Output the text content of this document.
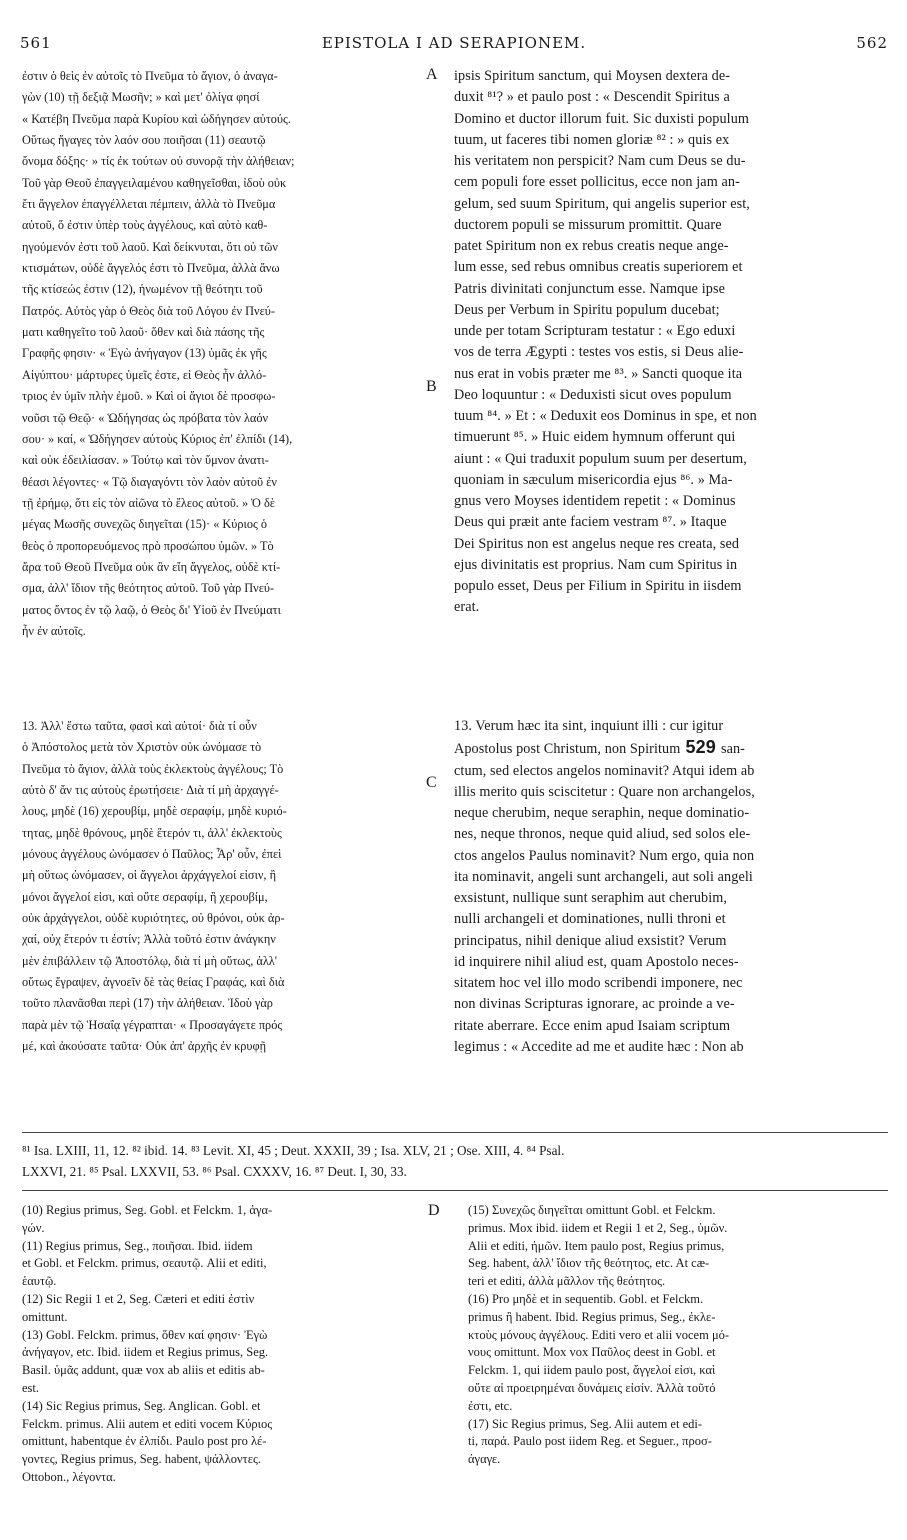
561	EPISTOLA I AD SERAPIONEM.	562
ἐστιν ὁ θεὶς ἐν αὐτοῖς τὸ Πνεῦμα τὸ ἅγιον, ὁ ἀναγα-
γὼν (10) τῇ δεξιᾷ Μωσῆν; » καὶ μετ' ὀλίγα φησί
« Κατέβη Πνεῦμα παρὰ Κυρίου καὶ ὡδήγησεν αὐτούς.
Οὕτως ἤγαγες τὸν λαόν σου ποιῆσαι (11) σεαυτῷ
ὄνομα δόξης· » τίς ἐκ τούτων οὐ συνορᾷ τὴν ἀλήθειαν;
Τοῦ γὰρ Θεοῦ ἐπαγγειλαμένου καθηγεῖσθαι, ἰδοὺ οὐκ
ἔτι ἄγγελον ἐπαγγέλλεται πέμπειν, ἀλλὰ τὸ Πνεῦμα
αὐτοῦ, ὅ ἐστιν ὑπὲρ τοὺς ἀγγέλους, καὶ αὐτὸ καθ-
ηγούμενόν ἐστι τοῦ λαοῦ. Καὶ δείκνυται, ὅτι οὐ τῶν
κτισμάτων, οὐδὲ ἄγγελός ἐστι τὸ Πνεῦμα, ἀλλὰ ἄνω
τῆς κτίσεώς ἐστιν (12), ἡνωμένον τῇ θεότητι τοῦ
Πατρός. Αὐτὸς γὰρ ὁ Θεὸς διὰ τοῦ Λόγου ἐν Πνεύ-
ματι καθηγεῖτο τοῦ λαοῦ· ὅθεν καὶ διὰ πάσης τῆς
Γραφῆς φησιν· « Ἐγὼ ἀνήγαγον (13) ὑμᾶς ἐκ γῆς
Αἰγύπτου· μάρτυρες ὑμεῖς ἐστε, εἰ Θεὸς ἦν ἀλλό-
τριος ἐν ὑμῖν πλὴν ἐμοῦ. » Καὶ οἱ ἅγιοι δὲ προσφω-
νοῦσι τῷ Θεῷ· « Ὡδήγησας ὡς πρόβατα τὸν λαόν
σου· » καί, « Ὡδήγησεν αὐτοὺς Κύριος ἐπ' ἐλπίδι (14),
καὶ οὐκ ἐδειλίασαν. » Τούτῳ καὶ τὸν ὕμνον ἀνατι-
θέασι λέγοντες· « Τῷ διαγαγόντι τὸν λαὸν αὐτοῦ ἐν
τῇ ἐρήμῳ, ὅτι εἰς τὸν αἰῶνα τὸ ἔλεος αὐτοῦ. » Ὁ δὲ
μέγας Μωσῆς συνεχῶς διηγεῖται (15)· « Κύριος ὁ
θεὸς ὁ προπορευόμενος πρὸ προσώπου ὑμῶν. » Τὸ
ἄρα τοῦ Θεοῦ Πνεῦμα οὐκ ἂν εἴη ἄγγελος, οὐδὲ κτί-
σμα, ἀλλ' ἴδιον τῆς θεότητος αὐτοῦ. Τοῦ γὰρ Πνεύ-
ματος ὄντος ἐν τῷ λαῷ, ὁ Θεὸς δι' Υἱοῦ ἐν Πνεύματι
ἦν ἐν αὐτοῖς.
ipsis Spiritum sanctum, qui Moysen dextera de-
duxit ⁸¹? » et paulo post : « Descendit Spiritus a
Domino et ductor illorum fuit. Sic duxisti populum
tuum, ut faceres tibi nomen gloriæ ⁸² : » quis ex
his veritatem non perspicit? Nam cum Deus se du-
cem populi fore esset pollicitus, ecce non jam an-
gelum, sed suum Spiritum, qui angelis superior est,
ductorem populi se missurum promittit. Quare
patet Spiritum non ex rebus creatis neque ange-
lum esse, sed rebus omnibus creatis superiorem et
Patris divinitati conjunctum esse. Namque ipse
Deus per Verbum in Spiritu populum ducebat;
unde per totam Scripturam testatur : « Ego eduxi
vos de terra Ægypti : testes vos estis, si Deus alie-
nus erat in vobis præter me ⁸³. » Sancti quoque ita
Deo loquuntur : « Deduxisti sicut oves populum
tuum ⁸⁴. » Et : « Deduxit eos Dominus in spe, et non
timuerunt ⁸⁵. » Huic eidem hymnum offerunt qui
aiunt : « Qui traduxit populum suum per desertum,
quoniam in sæculum misericordia ejus ⁸⁶. » Ma-
gnus vero Moyses identidem repetit : « Dominus
Deus qui præit ante faciem vestram ⁸⁷. » Itaque
Dei Spiritus non est angelus neque res creata, sed
ejus divinitatis est proprius. Nam cum Spiritus in
populo esset, Deus per Filium in Spiritu in iisdem
erat.
A
B
C
D
13. Ἀλλ' ἔστω ταῦτα, φασὶ καὶ αὐτοί· διὰ τί οὖν
ὁ Ἀπόστολος μετὰ τὸν Χριστὸν οὐκ ὠνόμασε τὸ
Πνεῦμα τὸ ἅγιον, ἀλλὰ τοὺς ἐκλεκτοὺς ἀγγέλους; Τὸ
αὐτὸ δ' ἄν τις αὐτοὺς ἐρωτήσειε· Διὰ τί μὴ ἀρχαγγέ-
λους, μηδὲ (16) χερουβίμ, μηδὲ σεραφίμ, μηδὲ κυριό-
τητας, μηδὲ θρόνους, μηδὲ ἕτερόν τι, ἀλλ' ἐκλεκτοὺς
μόνους ἀγγέλους ὠνόμασεν ὁ Παῦλος; Ἆρ' οὖν, ἐπεὶ
μὴ οὕτως ὠνόμασεν, οἱ ἄγγελοι ἀρχάγγελοί εἰσιν, ἢ
μόνοι ἄγγελοί εἰσι, καὶ οὔτε σεραφίμ, ἢ χερουβίμ,
οὐκ ἀρχάγγελοι, οὐδὲ κυριότητες, οὐ θρόνοι, οὐκ ἀρ-
χαί, οὐχ ἕτερόν τι ἐστίν; Ἀλλὰ τοῦτό ἐστιν ἀνάγκην
μὲν ἐπιβάλλειν τῷ Ἀποστόλῳ, διὰ τί μὴ οὕτως, ἀλλ'
οὕτως ἔγραψεν, ἀγνοεῖν δὲ τὰς θείας Γραφάς, καὶ διὰ
τοῦτο πλανᾶσθαι περὶ (17) τὴν ἀλήθειαν. Ἰδοὺ γὰρ
παρὰ μὲν τῷ Ἡσαΐᾳ γέγραπται· « Προσαγάγετε πρός
μέ, καὶ ἀκούσατε ταῦτα· Οὐκ ἀπ' ἀρχῆς ἐν κρυφῇ
13. Verum hæc ita sint, inquiunt illi : cur igitur
Apostolus post Christum, non Spiritum 529 san-
ctum, sed electos angelos nominavit? Atqui idem ab
illis merito quis sciscitetur : Quare non archangelos,
neque cherubim, neque seraphin, neque dominatio-
nes, neque thronos, neque quid aliud, sed solos ele-
ctos angelos Paulus nominavit? Num ergo, quia non
ita nominavit, angeli sunt archangeli, aut soli angeli
exsistunt, nullique sunt seraphim aut cherubim,
nulli archangeli et dominationes, nulli throni et
principatus, nihil denique aliud exsistit? Verum
id inquirere nihil aliud est, quam Apostolo neces-
sitatem hoc vel illo modo scribendi imponere, nec
non divinas Scripturas ignorare, ac proinde a ve-
ritate aberrare. Ecce enim apud Isaiam scriptum
legimus : « Accedite ad me et audite hæc : Non ab
⁸¹ Isa. LXIII, 11, 12. ⁸² ibid. 14. ⁸³ Levit. XI, 45 ; Deut. XXXII, 39 ; Isa. XLV, 21 ; Ose. XIII, 4. ⁸⁴ Psal.
LXXVI, 21. ⁸⁵ Psal. LXXVII, 53. ⁸⁶ Psal. CXXXV, 16. ⁸⁷ Deut. I, 30, 33.
(10) Regius primus, Seg. Gobl. et Felckm. 1, ἀγα-
γών.
(11) Regius primus, Seg., ποιῆσαι. Ibid. iidem
et Gobl. et Felckm. primus, σεαυτῷ. Alii et editi,
ἑαυτῷ.
(12) Sic Regii 1 et 2, Seg. Cæteri et editi ἐστὶν
omittunt.
(13) Gobl. Felckm. primus, ὅθεν καί φησιν· Ἐγὼ
ἀνήγαγον, etc. Ibid. iidem et Regius primus, Seg.
Basil. ὑμᾶς addunt, quæ vox ab aliis et editis ab-
est.
(14) Sic Regius primus, Seg. Anglican. Gobl. et
Felckm. primus. Alii autem et editi vocem Κύριος
omittunt, habentque ἐν ἐλπίδι. Paulo post pro λέ-
γοντες, Regius primus, Seg. habent, ψάλλοντες.
Ottobon., λέγοντα.
(15) Συνεχῶς διηγεῖται omittunt Gobl. et Felckm.
primus. Mox ibid. iidem et Regii 1 et 2, Seg., ὑμῶν.
Alii et editi, ἡμῶν. Item paulo post, Regius primus,
Seg. habent, ἀλλ' ἴδιον τῆς θεότητος, etc. At cæ-
teri et editi, ἀλλὰ μᾶλλον τῆς θεότητος.
(16) Pro μηδὲ et in sequentib. Gobl. et Felckm.
primus ἢ habent. Ibid. Regius primus, Seg., ἐκλε-
κτοὺς μόνους ἀγγέλους. Editi vero et alii vocem μό-
νους omittunt. Mox vox Παῦλος deest in Gobl. et
Felckm. 1, qui iidem paulo post, ἄγγελοί εἰσι, καὶ
οὔτε αἱ προειρημέναι δυνάμεις εἰσίν. Ἀλλὰ τοῦτό
ἐστι, etc.
(17) Sic Regius primus, Seg. Alii autem et edi-
ti, παρά. Paulo post iidem Reg. et Seguer., προσ-
άγαγε.
